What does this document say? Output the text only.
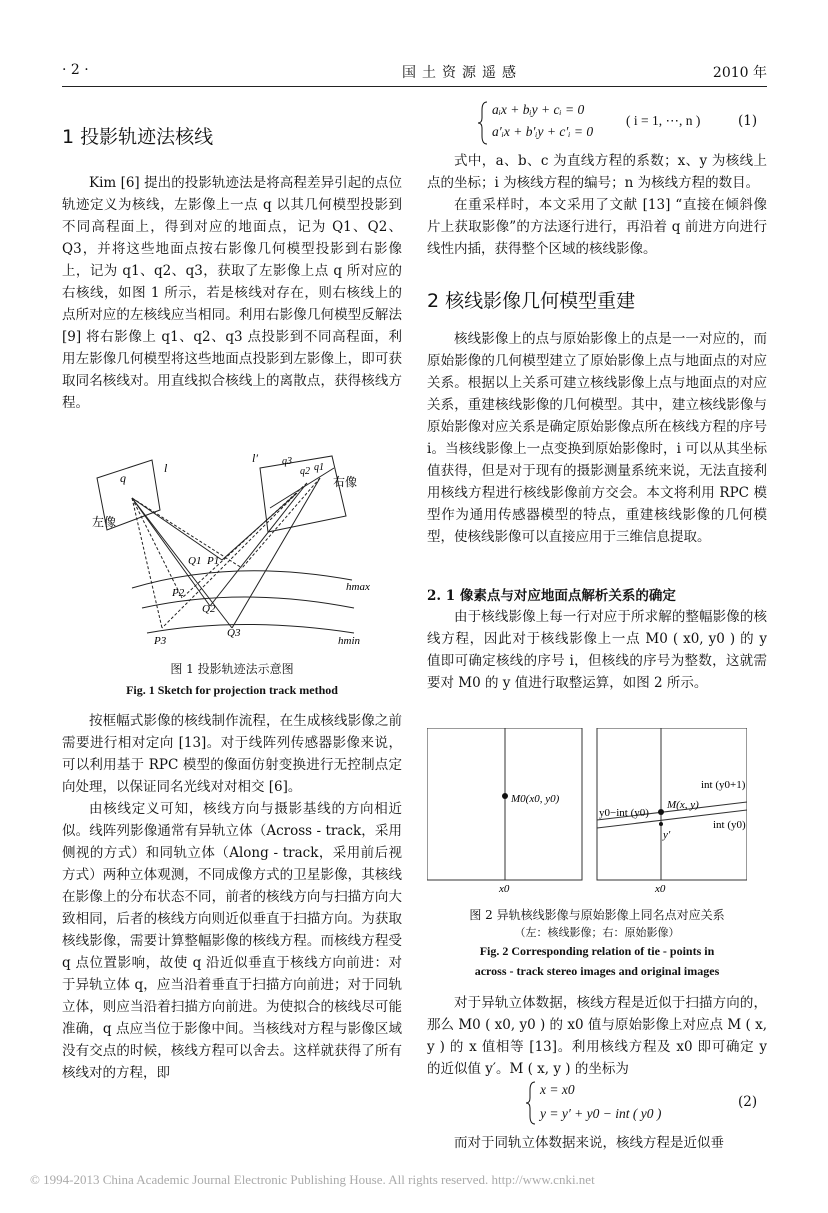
· 2 ·	国土资源遥感	2010 年
1 投影轨迹法核线

Kim [6] 提出的投影轨迹法是将高程差异引起的点位轨迹定义为核线，左影像上一点 q 以其几何模型投影到不同高程面上，得到对应的地面点，记为 Q1、Q2、Q3，并将这些地面点按右影像几何模型投影到右影像上，记为 q1、q2、q3，获取了左影像上点 q 所对应的右核线，如图 1 所示，若是核线对存在，则右核线上的点所对应的左核线应当相同。利用右影像几何模型反解法 [9] 将右影像上 q1、q2、q3 点投影到不同高程面，利用左影像几何模型将这些地面点投影到左影像上，即可获取同名核线对。用直线拟合核线上的离散点，获得核线方程。

q
l
l′ q3
q2 q1
右像
左像
Q1 P1
P2
Q2
P3
Q3
hmax
hmin
图 1 投影轨迹法示意图
Fig. 1 Sketch for projection track method

按框幅式影像的核线制作流程，在生成核线影像之前需要进行相对定向 [13]。对于线阵列传感器影像来说，可以利用基于 RPC 模型的像面仿射变换进行无控制点定向处理，以保证同名光线对对相交 [6]。

由核线定义可知，核线方向与摄影基线的方向相近似。线阵列影像通常有异轨立体（Across - track，采用侧视的方式）和同轨立体（Along - track，采用前后视方式）两种立体观测，不同成像方式的卫星影像，其核线在影像上的分布状态不同，前者的核线方向与扫描方向大致相同，后者的核线方向则近似垂直于扫描方向。为获取核线影像，需要计算整幅影像的核线方程。而核线方程受 q 点位置影响，故使 q 沿近似垂直于核线方向前进：对于异轨立体 q，应当沿着垂直于扫描方向前进；对于同轨立体，则应当沿着扫描方向前进。为使拟合的核线尽可能准确，q 点应当位于影像中间。当核线对方程与影像区域没有交点的时候，核线方程可以舍去。这样就获得了所有核线对的方程，即

aᵢx + bᵢy + cᵢ = 0
a′ᵢx + b′ᵢy + c′ᵢ = 0
( i = 1, ⋯, n )	(1)

式中，a、b、c 为直线方程的系数；x、y 为核线上点的坐标；i 为核线方程的编号；n 为核线方程的数目。

在重采样时，本文采用了文献 [13] “直接在倾斜像片上获取影像”的方法逐行进行，再沿着 q 前进方向进行线性内插，获得整个区域的核线影像。

2 核线影像几何模型重建

核线影像上的点与原始影像上的点是一一对应的，而原始影像的几何模型建立了原始影像上点与地面点的对应关系。根据以上关系可建立核线影像上点与地面点的对应关系，重建核线影像的几何模型。其中，建立核线影像与原始影像对应关系是确定原始影像点所在核线方程的序号 i。当核线影像上一点变换到原始影像时，i 可以从其坐标值获得，但是对于现有的摄影测量系统来说，无法直接利用核线方程进行核线影像前方交会。本文将利用 RPC 模型作为通用传感器模型的特点，重建核线影像的几何模型，使核线影像可以直接应用于三维信息提取。

2. 1 像素点与对应地面点解析关系的确定

由于核线影像上每一行对应于所求解的整幅影像的核线方程，因此对于核线影像上一点 M0 ( x0, y0 ) 的 y 值即可确定核线的序号 i，但核线的序号为整数，这就需要对 M0 的 y 值进行取整运算，如图 2 所示。

M0(x0, y0)
x0
int (y0+1)
y0−int (y0)
M(x, y)
y′
int (y0)
x0
图 2 异轨核线影像与原始影像上同名点对应关系
（左：核线影像；右：原始影像）
Fig. 2 Corresponding relation of tie - points in
across - track stereo images and original images

对于异轨立体数据，核线方程是近似于扫描方向的，那么 M0 ( x0, y0 ) 的 x0 值与原始影像上对应点 M ( x, y ) 的 x 值相等 [13]。利用核线方程及 x0 即可确定 y 的近似值 y′。M ( x, y ) 的坐标为

x = x0
y = y′ + y0 − int ( y0 )
(2)
而对于同轨立体数据来说，核线方程是近似垂
© 1994-2013 China Academic Journal Electronic Publishing House. All rights reserved. http://www.cnki.net
